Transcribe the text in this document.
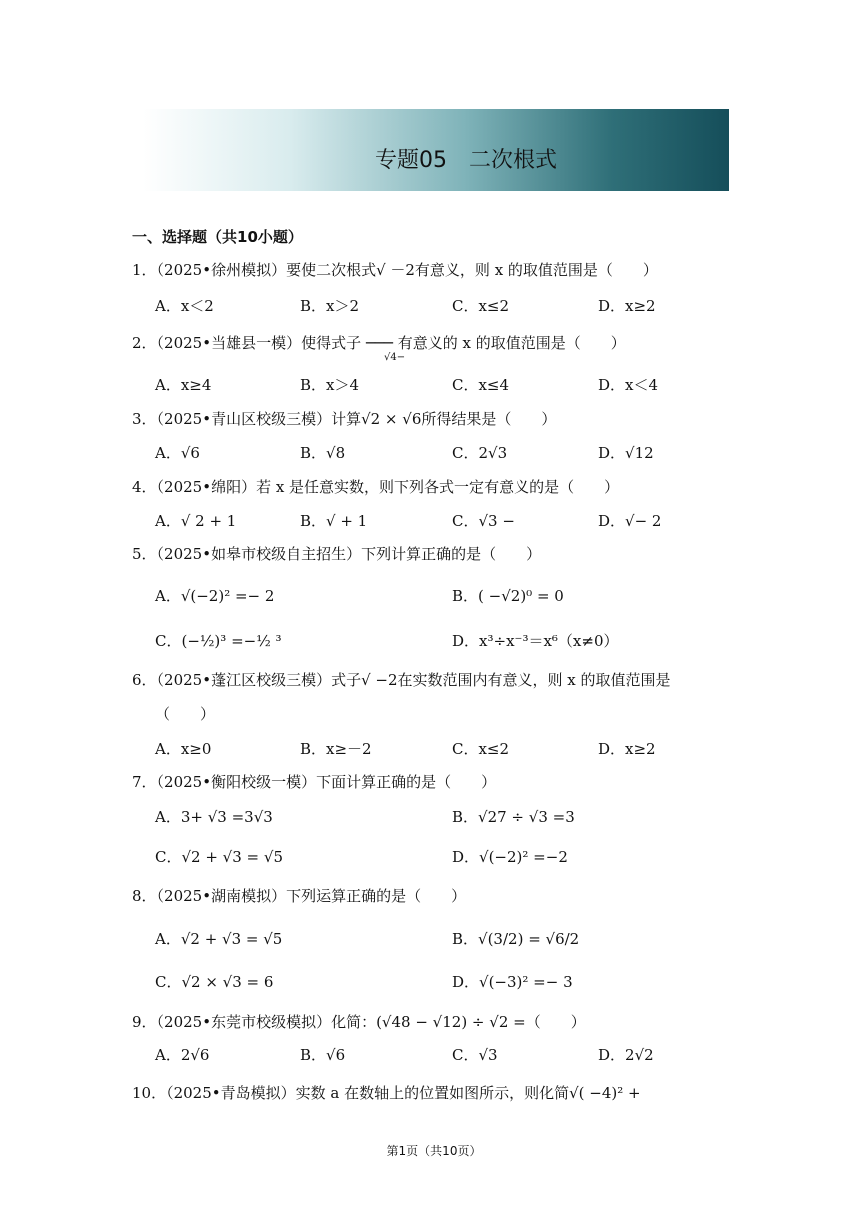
专题05　二次根式
一、选择题（共10小题）
1．（2025•徐州模拟）要使二次根式√ －2有意义，则 x 的取值范围是（　　）
A．x＜2	B．x＞2	C．x≤2	D．x≥2
2．（2025•当雄县一模）使得式子 ─── 有意义的 x 的取值范围是（　　）
√4−
A．x≥4	B．x＞4	C．x≤4	D．x＜4
3．（2025•青山区校级三模）计算√2 × √6所得结果是（　　）
A．√6	B．√8	C．2√3	D．√12
4．（2025•绵阳）若 x 是任意实数，则下列各式一定有意义的是（　　）
A．√ 2 + 1	B．√ + 1	C．√3 −	D．√− 2
5．（2025•如皋市校级自主招生）下列计算正确的是（　　）
A．√(−2)² =− 2	B．( −√2)⁰ = 0
C．(−½)³ =−½ ³	D．x³÷x⁻³＝x⁶（x≠0）
6．（2025•蓬江区校级三模）式子√ −2在实数范围内有意义，则 x 的取值范围是
（　　）
A．x≥0	B．x≥－2	C．x≤2	D．x≥2
7．（2025•衡阳校级一模）下面计算正确的是（　　）
A．3+ √3 =3√3	B．√27 ÷ √3 =3
C．√2 + √3 = √5	D．√(−2)² =−2
8．（2025•湖南模拟）下列运算正确的是（　　）
A．√2 + √3 = √5	B．√(3/2) = √6/2
C．√2 × √3 = 6	D．√(−3)² =− 3
9．（2025•东莞市校级模拟）化简：(√48 − √12) ÷ √2 =（　　）
A．2√6	B．√6	C．√3	D．2√2
10．（2025•青岛模拟）实数 a 在数轴上的位置如图所示，则化简√( −4)² +
第1页（共10页）
